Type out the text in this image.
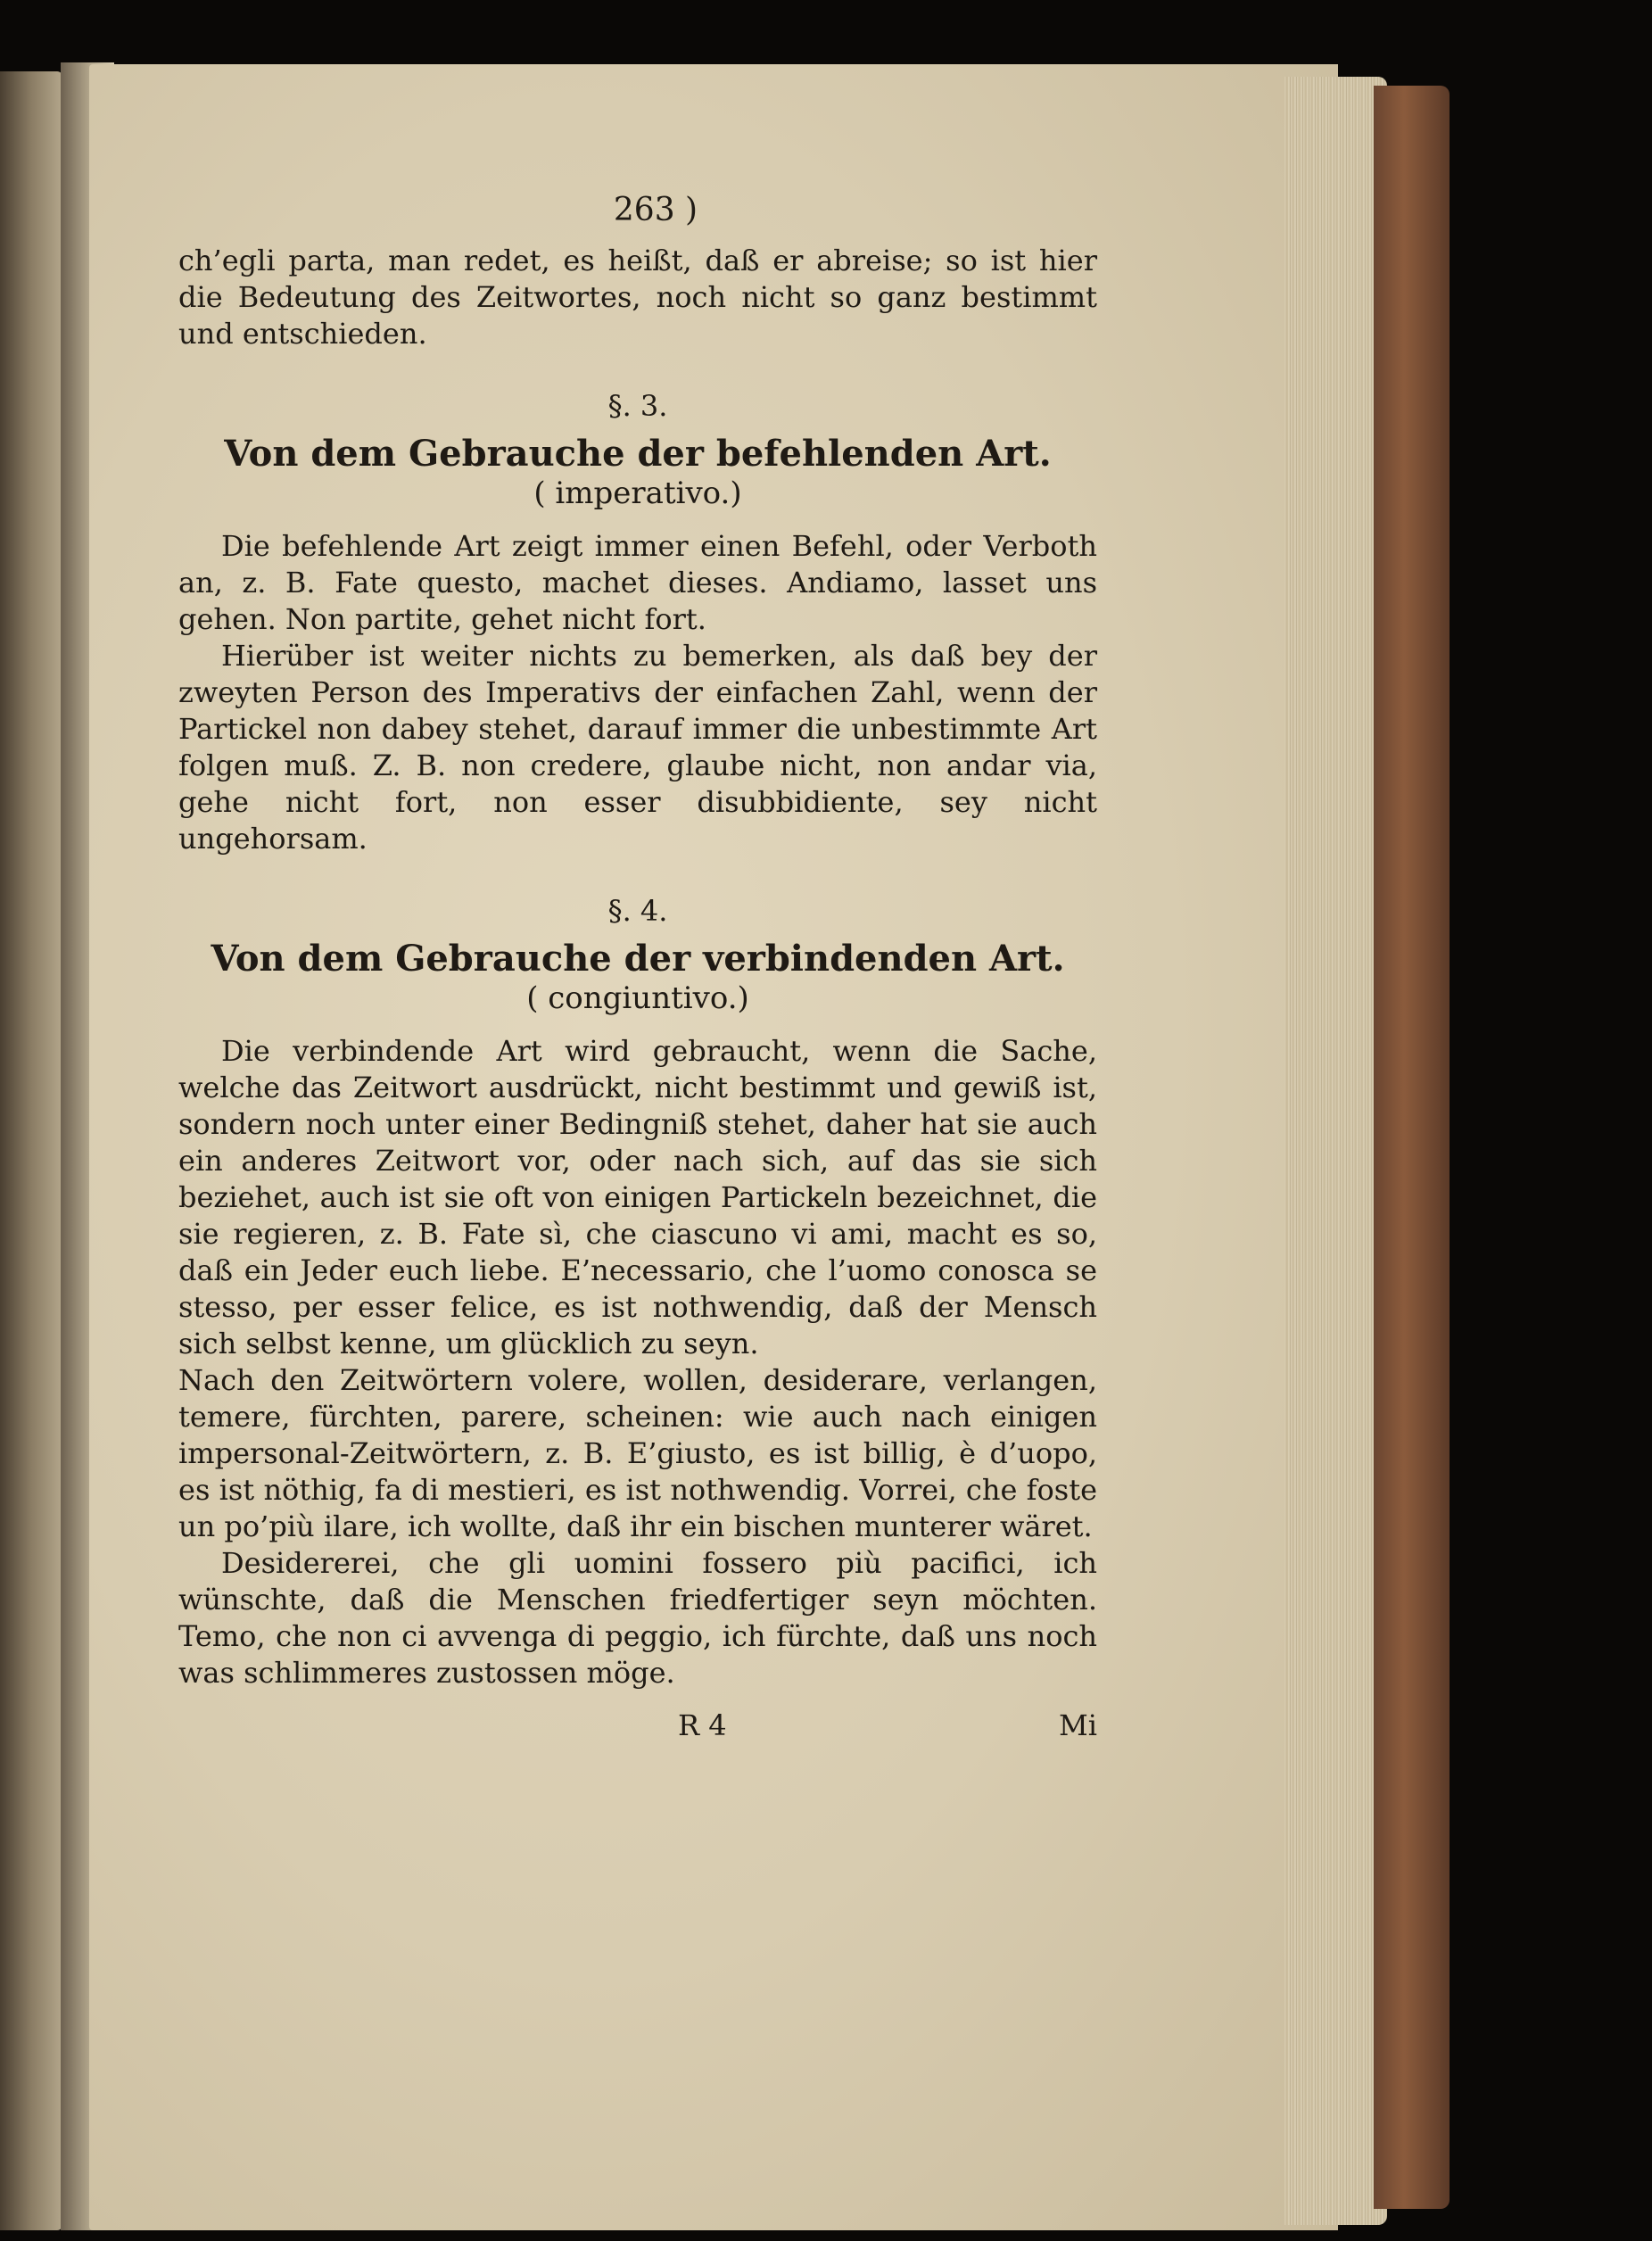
263 )

ch’egli parta, man redet, es heißt, daß er abreise; so ist hier die Bedeutung des Zeitwortes, noch nicht so ganz bestimmt und entschieden.

§. 3.
Von dem Gebrauche der befehlenden Art.
( imperativo.)

Die befehlende Art zeigt immer einen Befehl, oder Verboth an, z. B. Fate questo, machet dieses. Andiamo, lasset uns gehen. Non partite, gehet nicht fort.

Hierüber ist weiter nichts zu bemerken, als daß bey der zweyten Person des Imperativs der einfachen Zahl, wenn der Partickel non dabey stehet, darauf immer die unbestimmte Art folgen muß. Z. B. non credere, glaube nicht, non andar via, gehe nicht fort, non esser disubbidiente, sey nicht ungehorsam.

§. 4.
Von dem Gebrauche der verbindenden Art.
( congiuntivo.)

Die verbindende Art wird gebraucht, wenn die Sache, welche das Zeitwort ausdrückt, nicht bestimmt und gewiß ist, sondern noch unter einer Bedingniß stehet, daher hat sie auch ein anderes Zeitwort vor, oder nach sich, auf das sie sich beziehet, auch ist sie oft von einigen Partickeln bezeichnet, die sie regieren, z. B. Fate sì, che ciascuno vi ami, macht es so, daß ein Jeder euch liebe. E’necessario, che l’uomo conosca se stesso, per esser felice, es ist nothwendig, daß der Mensch sich selbst kenne, um glücklich zu seyn.

Nach den Zeitwörtern volere, wollen, desiderare, verlangen, temere, fürchten, parere, scheinen: wie auch nach einigen impersonal-Zeitwörtern, z. B. E’giusto, es ist billig, è d’uopo, es ist nöthig, fa di mestieri, es ist nothwendig. Vorrei, che foste un po’più ilare, ich wollte, daß ihr ein bischen munterer wäret.

Desidererei, che gli uomini fossero più pacifici, ich wünschte, daß die Menschen friedfertiger seyn möchten. Temo, che non ci avvenga di peggio, ich fürchte, daß uns noch was schlimmeres zustossen möge.

R 4	Mi
